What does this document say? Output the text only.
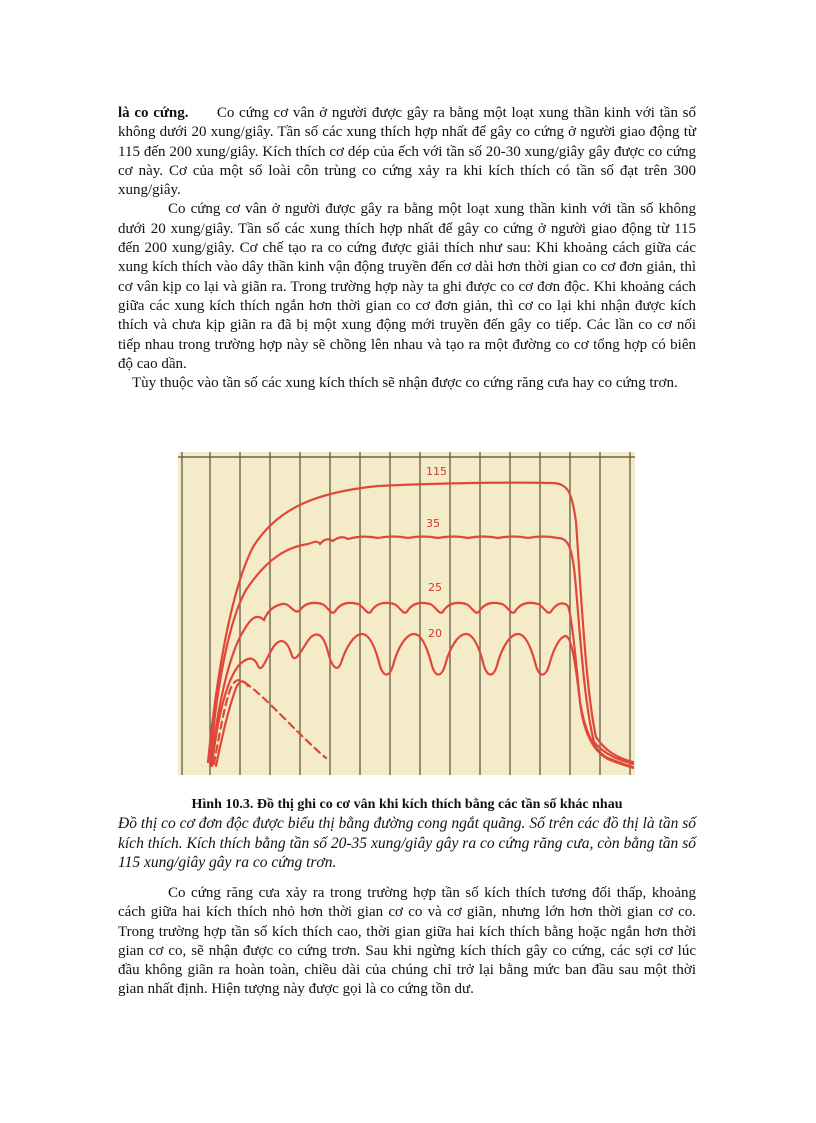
là co cứng. Co cứng cơ vân ở người được gây ra bằng một loạt xung thần kinh với tần số không dưới 20 xung/giây. Tần số các xung thích hợp nhất để gây co cứng ở người giao động từ 115 đến 200 xung/giây. Kích thích cơ dép của ếch với tần số 20-30 xung/giây gây được co cứng cơ này. Cơ của một số loài côn trùng co cứng xảy ra khi kích thích có tần số đạt trên 300 xung/giây.

Co cứng cơ vân ở người được gây ra bằng một loạt xung thần kinh với tần số không dưới 20 xung/giây. Tần số các xung thích hợp nhất để gây co cứng ở người giao động từ 115 đến 200 xung/giây. Cơ chế tạo ra co cứng được giải thích như sau: Khi khoảng cách giữa các xung kích thích vào dây thần kinh vận động truyền đến cơ dài hơn thời gian co cơ đơn giản, thì cơ vân kịp co lại và giãn ra. Trong trường hợp này ta ghi được co cơ đơn độc. Khi khoảng cách giữa các xung kích thích ngắn hơn thời gian co cơ đơn giản, thì cơ co lại khi nhận được kích thích và chưa kịp giãn ra đã bị một xung động mới truyền đến gây co tiếp. Các lần co cơ nối tiếp nhau trong trường hợp này sẽ chồng lên nhau và tạo ra một đường co cơ tổng hợp có biên độ cao dần.

Tùy thuộc vào tần số các xung kích thích sẽ nhận được co cứng răng cưa hay co cứng trơn.

115
35
25
20
Hình 10.3. Đồ thị ghi co cơ vân khi kích thích bằng các tần số khác nhau

Đồ thị co cơ đơn độc được biểu thị bằng đường cong ngắt quãng. Số trên các đồ thị là tần số kích thích. Kích thích bằng tần số 20-35 xung/giây gây ra co cứng răng cưa, còn bằng tần số 115 xung/giây gây ra co cứng trơn.

Co cứng răng cưa xảy ra trong trường hợp tần số kích thích tương đối thấp, khoảng cách giữa hai kích thích nhỏ hơn thời gian cơ co và cơ giãn, nhưng lớn hơn thời gian cơ co. Trong trường hợp tần số kích thích cao, thời gian giữa hai kích thích bằng hoặc ngắn hơn thời gian cơ co, sẽ nhận được co cứng trơn. Sau khi ngừng kích thích gây co cứng, các sợi cơ lúc đầu không giãn ra hoàn toàn, chiều dài của chúng chỉ trở lại bằng mức ban đầu sau một thời gian nhất định. Hiện tượng này được gọi là co cứng tồn dư.
